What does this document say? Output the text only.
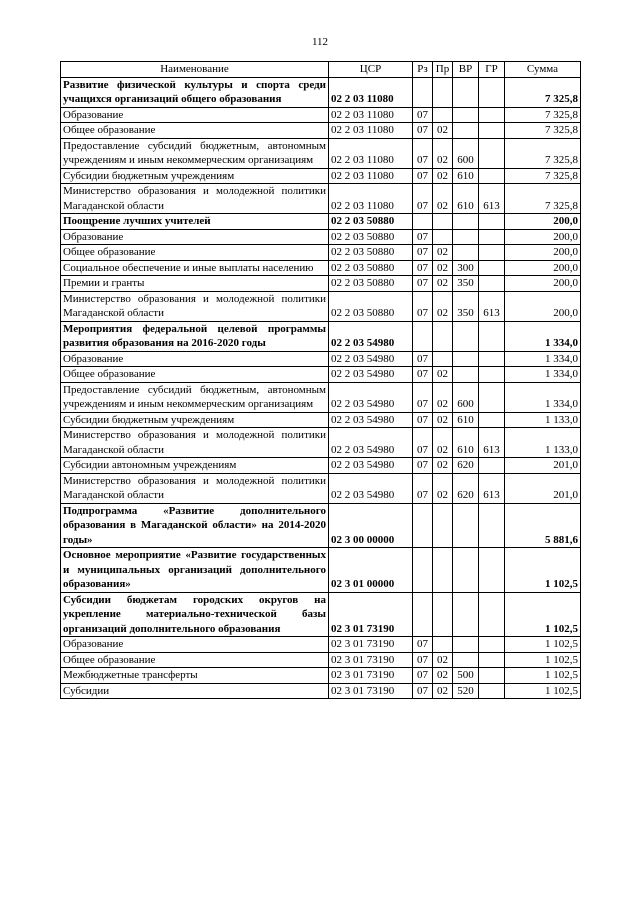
112
Наименование	ЦСР	Рз	Пр	ВР	ГР	Сумма
Развитие физической культуры и спорта среди учащихся организаций общего образования	02 2 03 11080					7 325,8
Образование	02 2 03 11080	07				7 325,8
Общее образование	02 2 03 11080	07	02			7 325,8
Предоставление субсидий бюджетным, автономным учреждениям и иным некоммерческим организациям	02 2 03 11080	07	02	600		7 325,8
Субсидии бюджетным учреждениям	02 2 03 11080	07	02	610		7 325,8
Министерство образования и молодежной политики Магаданской области	02 2 03 11080	07	02	610	613	7 325,8
Поощрение лучших учителей	02 2 03 50880					200,0
Образование	02 2 03 50880	07				200,0
Общее образование	02 2 03 50880	07	02			200,0
Социальное обеспечение и иные выплаты населению	02 2 03 50880	07	02	300		200,0
Премии и гранты	02 2 03 50880	07	02	350		200,0
Министерство образования и молодежной политики Магаданской области	02 2 03 50880	07	02	350	613	200,0
Мероприятия федеральной целевой программы развития образования на 2016-2020 годы	02 2 03 54980					1 334,0
Образование	02 2 03 54980	07				1 334,0
Общее образование	02 2 03 54980	07	02			1 334,0
Предоставление субсидий бюджетным, автономным учреждениям и иным некоммерческим организациям	02 2 03 54980	07	02	600		1 334,0
Субсидии бюджетным учреждениям	02 2 03 54980	07	02	610		1 133,0
Министерство образования и молодежной политики Магаданской области	02 2 03 54980	07	02	610	613	1 133,0
Субсидии автономным учреждениям	02 2 03 54980	07	02	620		201,0
Министерство образования и молодежной политики Магаданской области	02 2 03 54980	07	02	620	613	201,0
Подпрограмма «Развитие дополнительного образования в Магаданской области» на 2014-2020 годы»	02 3 00 00000					5 881,6
Основное мероприятие «Развитие государственных и муниципальных организаций дополнительного образования»	02 3 01 00000					1 102,5
Субсидии бюджетам городских округов на укрепление материально-технической базы организаций дополнительного образования	02 3 01 73190					1 102,5
Образование	02 3 01 73190	07				1 102,5
Общее образование	02 3 01 73190	07	02			1 102,5
Межбюджетные трансферты	02 3 01 73190	07	02	500		1 102,5
Субсидии	02 3 01 73190	07	02	520		1 102,5
